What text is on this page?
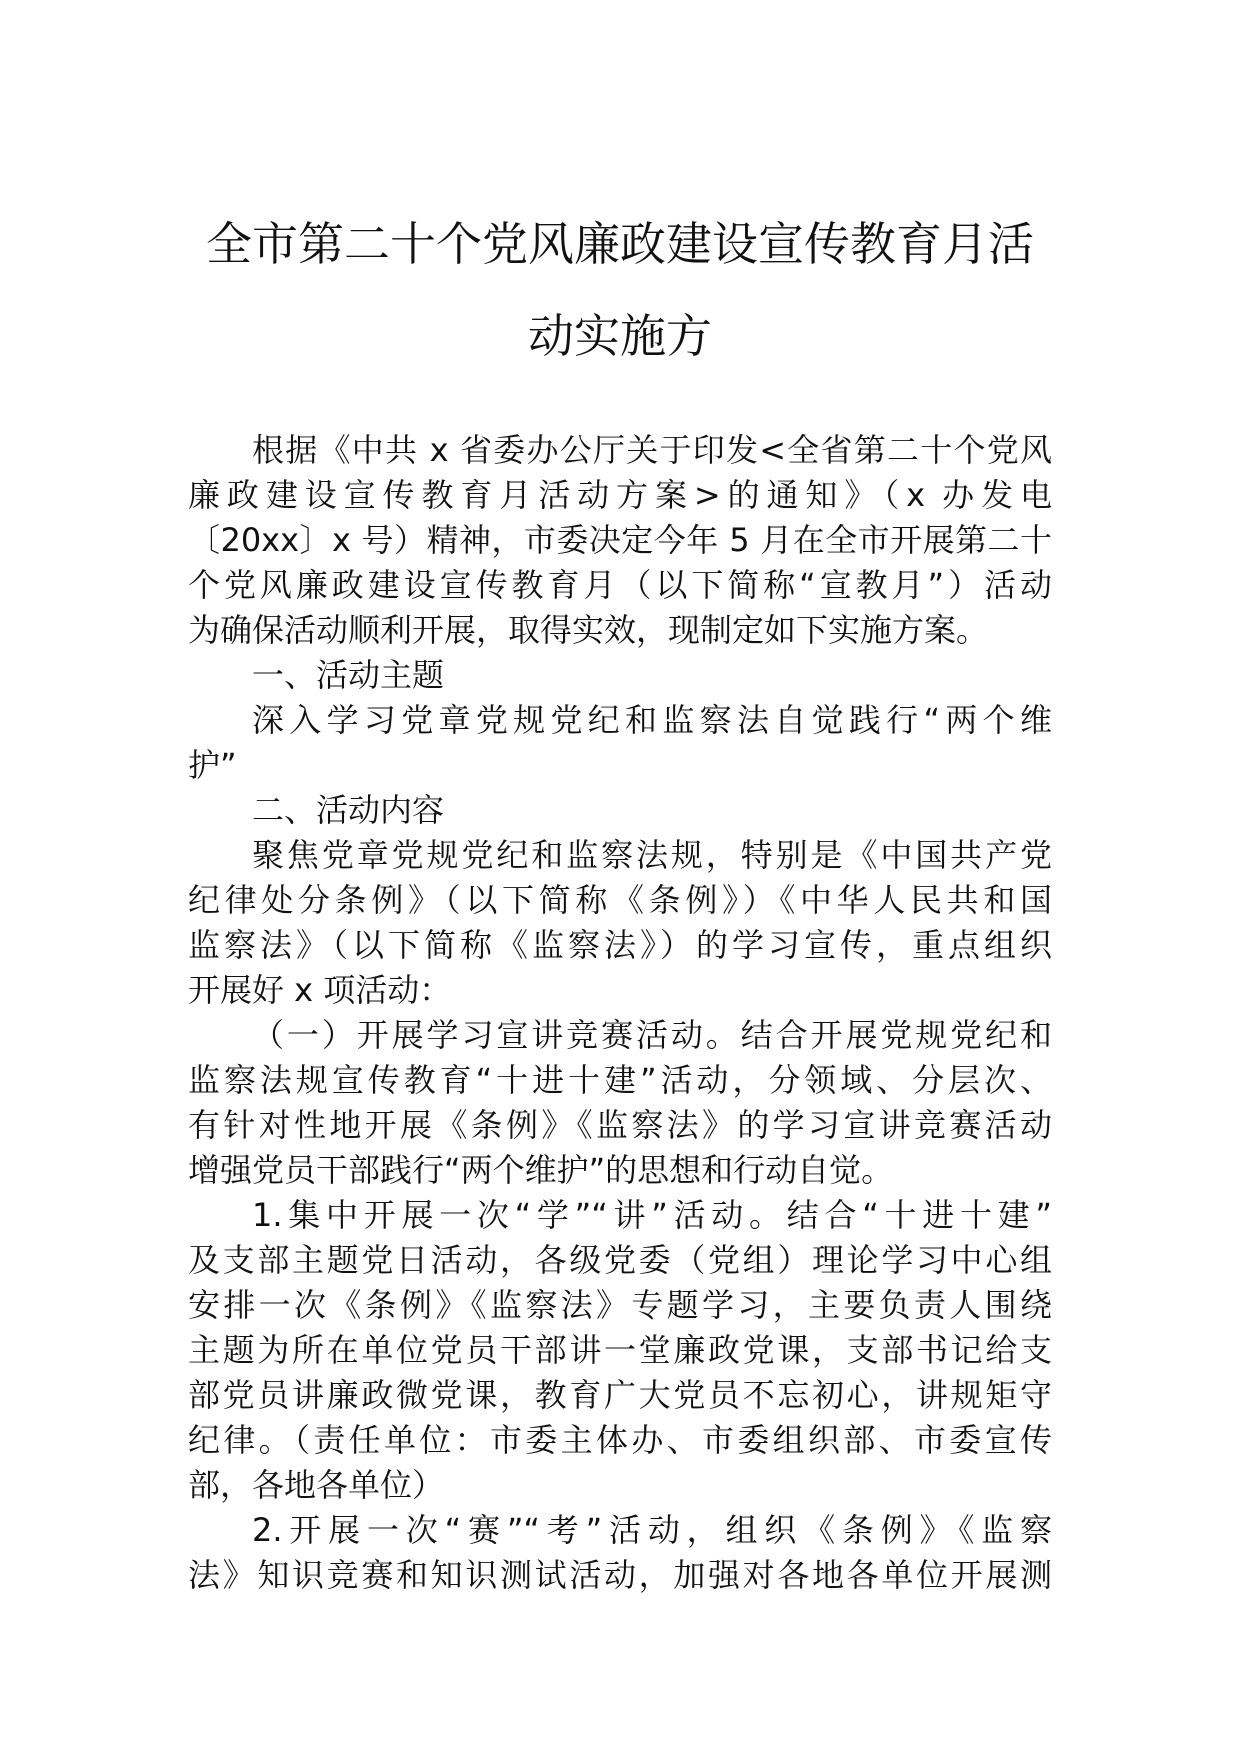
全市第二十个党风廉政建设宣传教育月活
动实施方
根据《中共 x 省委办公厅关于印发<全省第二十个党风
廉政建设宣传教育月活动方案>的通知》（x 办发电
〔20xx〕x 号）精神，市委决定今年 5 月在全市开展第二十
个党风廉政建设宣传教育月（以下简称“宣教月”）活动
为确保活动顺利开展，取得实效，现制定如下实施方案。
一、活动主题
深入学习党章党规党纪和监察法自觉践行“两个维
护”
二、活动内容
聚焦党章党规党纪和监察法规，特别是《中国共产党
纪律处分条例》（以下简称《条例》）《中华人民共和国
监察法》（以下简称《监察法》）的学习宣传，重点组织
开展好 x 项活动：
（一）开展学习宣讲竞赛活动。结合开展党规党纪和
监察法规宣传教育“十进十建”活动，分领域、分层次、
有针对性地开展《条例》《监察法》的学习宣讲竞赛活动
增强党员干部践行“两个维护”的思想和行动自觉。
1.集中开展一次“学”“讲”活动。结合“十进十建”
及支部主题党日活动，各级党委（党组）理论学习中心组
安排一次《条例》《监察法》专题学习，主要负责人围绕
主题为所在单位党员干部讲一堂廉政党课，支部书记给支
部党员讲廉政微党课，教育广大党员不忘初心，讲规矩守
纪律。（责任单位：市委主体办、市委组织部、市委宣传
部，各地各单位）
2.开展一次“赛”“考”活动，组织《条例》《监察
法》知识竞赛和知识测试活动，加强对各地各单位开展测
